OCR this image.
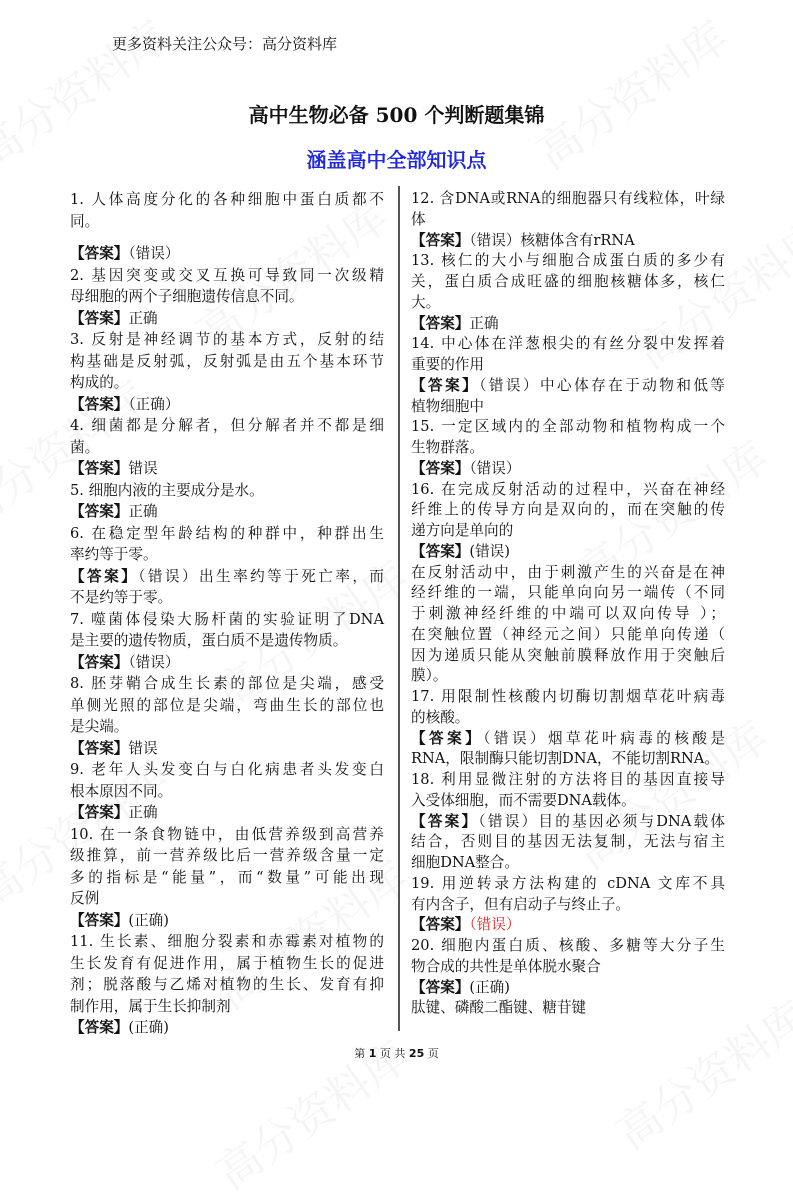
更多资料关注公众号：高分资料库
高中生物必备 500 个判断题集锦
涵盖高中全部知识点
1. 人体高度分化的各种细胞中蛋白质都不
同。
【答案】（错误）
2. 基因突变或交叉互换可导致同一次级精
母细胞的两个子细胞遗传信息不同。
【答案】正确
3. 反射是神经调节的基本方式，反射的结
构基础是反射弧，反射弧是由五个基本环节
构成的。
【答案】（正确）
4. 细菌都是分解者，但分解者并不都是细
菌。
【答案】错误
5. 细胞内液的主要成分是水。
【答案】正确
6. 在稳定型年龄结构的种群中，种群出生
率约等于零。
【答案】（错误）出生率约等于死亡率，而
不是约等于零。
7. 噬菌体侵染大肠杆菌的实验证明了DNA
是主要的遗传物质，蛋白质不是遗传物质。
【答案】（错误）
8. 胚芽鞘合成生长素的部位是尖端，感受
单侧光照的部位是尖端，弯曲生长的部位也
是尖端。
【答案】错误
9. 老年人头发变白与白化病患者头发变白
根本原因不同。
【答案】正确
10. 在一条食物链中，由低营养级到高营养
级推算，前一营养级比后一营养级含量一定
多的指标是“能量”，而“数量”可能出现
反例
【答案】(正确)
11. 生长素、细胞分裂素和赤霉素对植物的
生长发育有促进作用，属于植物生长的促进
剂；脱落酸与乙烯对植物的生长、发育有抑
制作用，属于生长抑制剂
【答案】(正确)
12. 含DNA或RNA的细胞器只有线粒体，叶绿
体
【答案】（错误）核糖体含有rRNA
13. 核仁的大小与细胞合成蛋白质的多少有
关，蛋白质合成旺盛的细胞核糖体多，核仁
大。
【答案】正确
14. 中心体在洋葱根尖的有丝分裂中发挥着
重要的作用
【答案】（错误）中心体存在于动物和低等
植物细胞中
15. 一定区域内的全部动物和植物构成一个
生物群落。
【答案】（错误）
16. 在完成反射活动的过程中，兴奋在神经
纤维上的传导方向是双向的，而在突触的传
递方向是单向的
【答案】(错误)
在反射活动中，由于刺激产生的兴奋是在神
经纤维的一端，只能单向向另一端传（不同
于刺激神经纤维的中端可以双向传导 ）；
在突触位置（神经元之间）只能单向传递（
因为递质只能从突触前膜释放作用于突触后
膜）。
17. 用限制性核酸内切酶切割烟草花叶病毒
的核酸。
【答案】（错误）烟草花叶病毒的核酸是
RNA，限制酶只能切割DNA，不能切割RNA。
18. 利用显微注射的方法将目的基因直接导
入受体细胞，而不需要DNA载体。
【答案】（错误）目的基因必须与DNA载体
结合，否则目的基因无法复制，无法与宿主
细胞DNA整合。
19. 用逆转录方法构建的 cDNA 文库不具
有内含子，但有启动子与终止子。
【答案】（错误）
20. 细胞内蛋白质、核酸、多糖等大分子生
物合成的共性是单体脱水聚合
【答案】(正确)
肽键、磷酸二酯键、糖苷键
第 1 页 共 25 页
